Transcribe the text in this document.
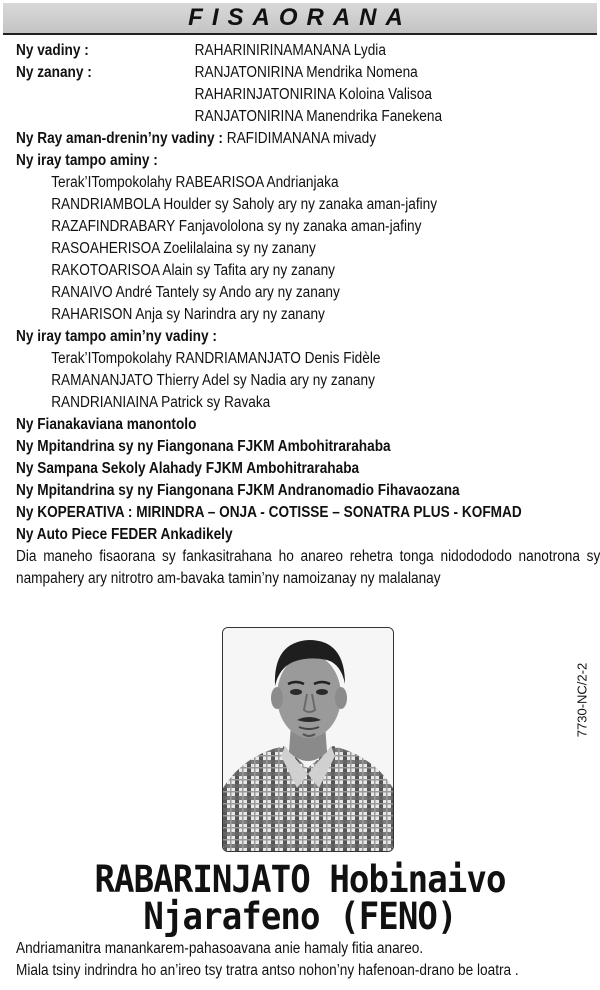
FISAORANA
Ny vadiny :	RAHARINIRINAMANANA Lydia
Ny zanany :	RANJATONIRINA Mendrika Nomena
RAHARINJATONIRINA Koloina Valisoa
RANJATONIRINA Manendrika Fanekena
Ny Ray aman-drenin’ny vadiny : RAFIDIMANANA mivady
Ny iray tampo aminy :
Terak’ITompokolahy RABEARISOA Andrianjaka
RANDRIAMBOLA Houlder sy Saholy ary ny zanaka aman-jafiny
RAZAFINDRABARY Fanjavololona sy ny zanaka aman-jafiny
RASOAHERISOA Zoelilalaina sy ny zanany
RAKOTOARISOA Alain sy Tafita ary ny zanany
RANAIVO André Tantely sy Ando ary ny zanany
RAHARISON Anja sy Narindra ary ny zanany
Ny iray tampo amin’ny vadiny :
Terak’ITompokolahy RANDRIAMANJATO Denis Fidèle
RAMANANJATO Thierry Adel sy Nadia ary ny zanany
RANDRIANIAINA Patrick sy Ravaka
Ny Fianakaviana manontolo
Ny Mpitandrina sy ny Fiangonana FJKM Ambohitrarahaba
Ny Sampana Sekoly Alahady FJKM Ambohitrarahaba
Ny Mpitandrina sy ny Fiangonana FJKM Andranomadio Fihavaozana
Ny KOPERATIVA : MIRINDRA – ONJA - COTISSE – SONATRA PLUS - KOFMAD
Ny Auto Piece FEDER Ankadikely
Dia maneho fisaorana sy fankasitrahana ho anareo rehetra tonga nidodododo nanotrona sy nampahery ary nitrotro am-bavaka tamin’ny namoizanay ny malalanay
7730-NC/2-2
RABARINJATO Hobinaivo
Njarafeno (FENO)
Andriamanitra manankarem-pahasoavana anie hamaly fitia anareo.
Miala tsiny indrindra ho an’ireo tsy tratra antso nohon’ny hafenoan-drano be loatra .
